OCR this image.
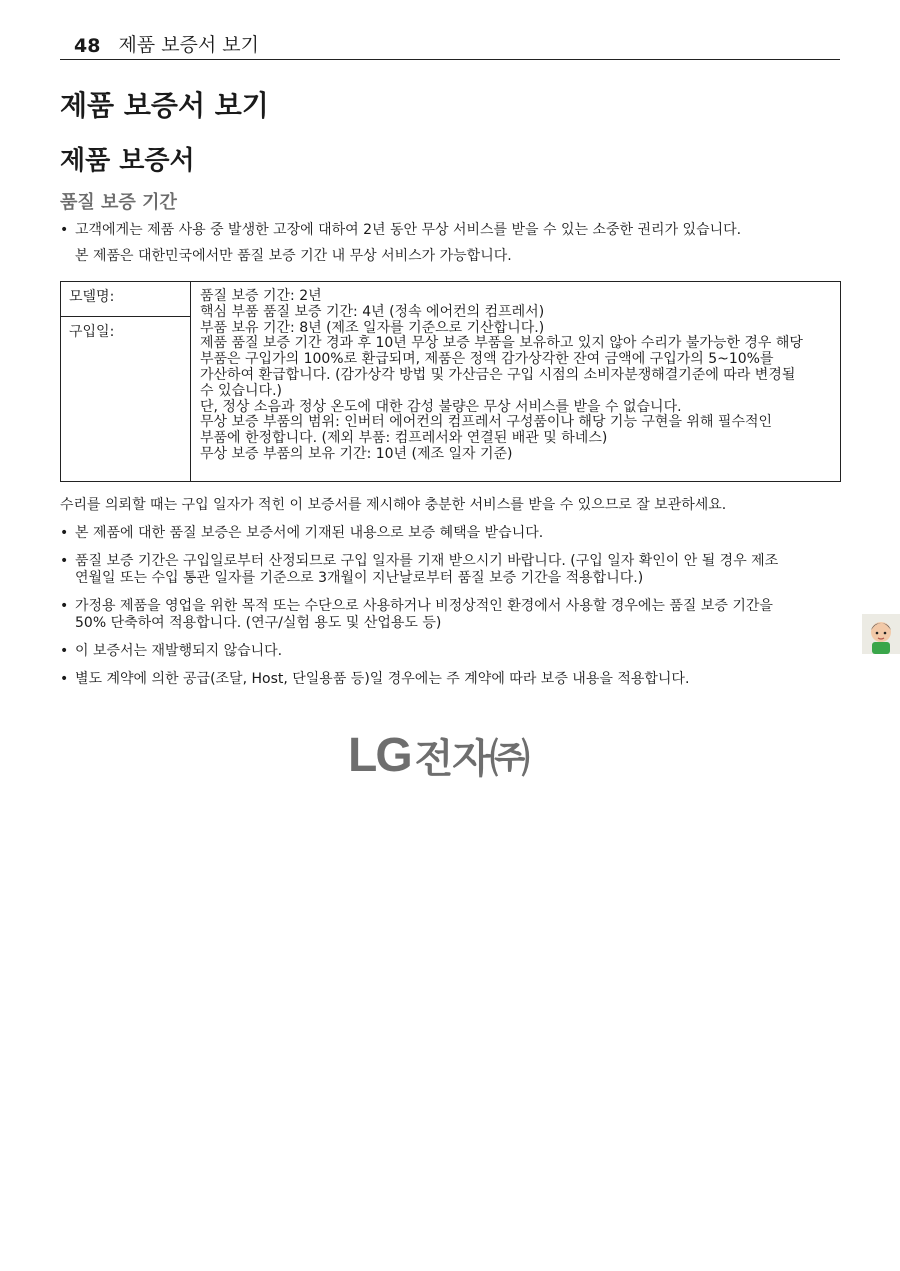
48 제품 보증서 보기
제품 보증서 보기
제품 보증서
품질 보증 기간
• 고객에게는 제품 사용 중 발생한 고장에 대하여 2년 동안 무상 서비스를 받을 수 있는 소중한 권리가 있습니다.
본 제품은 대한민국에서만 품질 보증 기간 내 무상 서비스가 가능합니다.
모델명:	품질 보증 기간: 2년
핵심 부품 품질 보증 기간: 4년 (정속 에어컨의 컴프레서)
부품 보유 기간: 8년 (제조 일자를 기준으로 기산합니다.)
제품 품질 보증 기간 경과 후 10년 무상 보증 부품을 보유하고 있지 않아 수리가 불가능한 경우 해당
부품은 구입가의 100%로 환급되며, 제품은 정액 감가상각한 잔여 금액에 구입가의 5~10%를
가산하여 환급합니다. (감가상각 방법 및 가산금은 구입 시점의 소비자분쟁해결기준에 따라 변경될
수 있습니다.)
단, 정상 소음과 정상 온도에 대한 감성 불량은 무상 서비스를 받을 수 없습니다.
무상 보증 부품의 범위: 인버터 에어컨의 컴프레서 구성품이나 해당 기능 구현을 위해 필수적인
부품에 한정합니다. (제외 부품: 컴프레서와 연결된 배관 및 하네스)
무상 보증 부품의 보유 기간: 10년 (제조 일자 기준)

구입일:
수리를 의뢰할 때는 구입 일자가 적힌 이 보증서를 제시해야 충분한 서비스를 받을 수 있으므로 잘 보관하세요.
• 본 제품에 대한 품질 보증은 보증서에 기재된 내용으로 보증 혜택을 받습니다.
• 품질 보증 기간은 구입일로부터 산정되므로 구입 일자를 기재 받으시기 바랍니다. (구입 일자 확인이 안 될 경우 제조
연월일 또는 수입 통관 일자를 기준으로 3개월이 지난날로부터 품질 보증 기간을 적용합니다.)
• 가정용 제품을 영업을 위한 목적 또는 수단으로 사용하거나 비정상적인 환경에서 사용할 경우에는 품질 보증 기간을
50% 단축하여 적용합니다. (연구/실험 용도 및 산업용도 등)
• 이 보증서는 재발행되지 않습니다.
• 별도 계약에 의한 공급(조달, Host, 단일용품 등)일 경우에는 주 계약에 따라 보증 내용을 적용합니다.
LG 전자㈜
